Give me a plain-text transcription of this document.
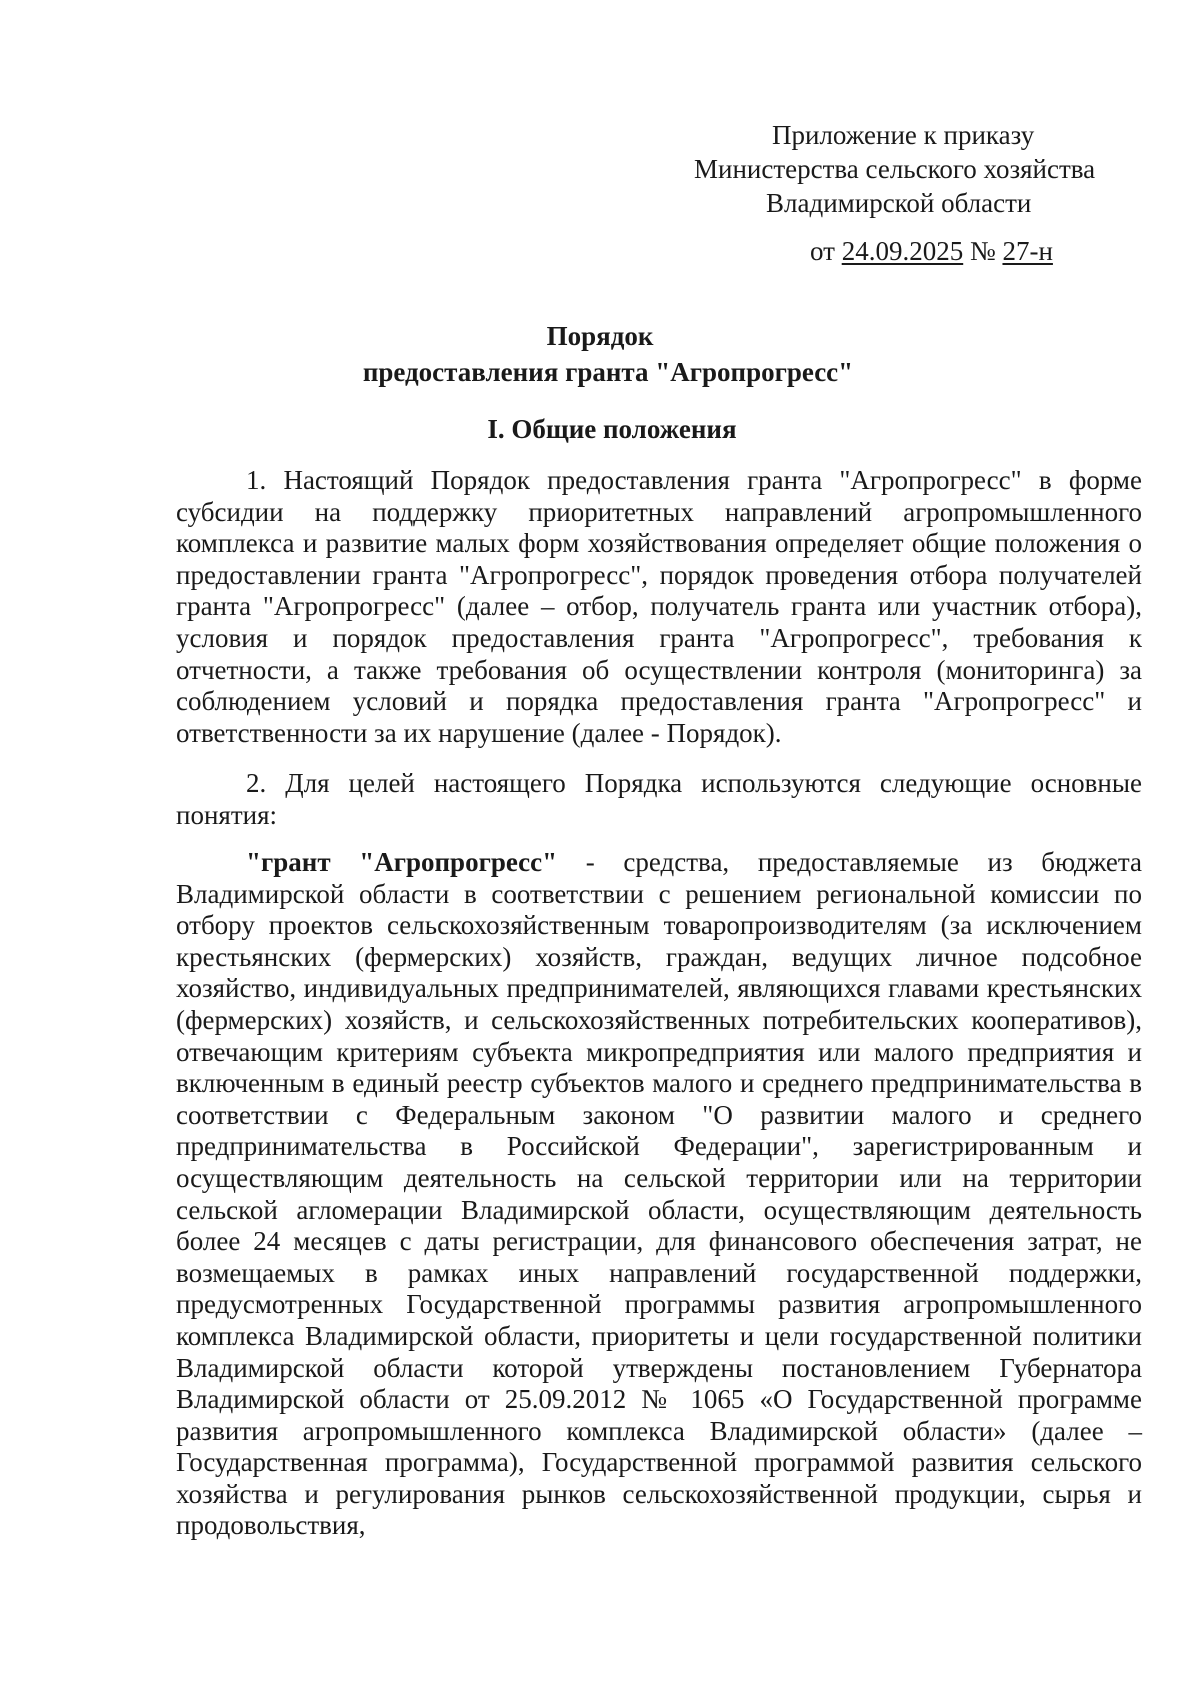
Приложение к приказу
Министерства сельского хозяйства
Владимирской области
от 24.09.2025 № 27-н
Порядок
предоставления гранта "Агропрогресс"
I. Общие положения

1. Настоящий Порядок предоставления гранта "Агропрогресс" в форме субсидии на поддержку приоритетных направлений агропромышленного комплекса и развитие малых форм хозяйствования определяет общие положения о предоставлении гранта "Агропрогресс", порядок проведения отбора получателей гранта "Агропрогресс" (далее – отбор, получатель гранта или участник отбора), условия и порядок предоставления гранта "Агропрогресс", требования к отчетности, а также требования об осуществлении контроля (мониторинга) за соблюдением условий и порядка предоставления гранта "Агропрогресс" и ответственности за их нарушение (далее - Порядок).

2. Для целей настоящего Порядка используются следующие основные понятия:

"грант "Агропрогресс" - средства, предоставляемые из бюджета Владимирской области в соответствии с решением региональной комиссии по отбору проектов сельскохозяйственным товаропроизводителям (за исключением крестьянских (фермерских) хозяйств, граждан, ведущих личное подсобное хозяйство, индивидуальных предпринимателей, являющихся главами крестьянских (фермерских) хозяйств, и сельскохозяйственных потребительских кооперативов), отвечающим критериям субъекта микропредприятия или малого предприятия и включенным в единый реестр субъектов малого и среднего предпринимательства в соответствии с Федеральным законом "О развитии малого и среднего предпринимательства в Российской Федерации", зарегистрированным и осуществляющим деятельность на сельской территории или на территории сельской агломерации Владимирской области, осуществляющим деятельность более 24 месяцев с даты регистрации, для финансового обеспечения затрат, не возмещаемых в рамках иных направлений государственной поддержки, предусмотренных Государственной программы развития агропромышленного комплекса Владимирской области, приоритеты и цели государственной политики Владимирской области которой утверждены постановлением Губернатора Владимирской области от 25.09.2012 № 1065 «О Государственной программе развития агропромышленного комплекса Владимирской области» (далее – Государственная программа), Государственной программой развития сельского хозяйства и регулирования рынков сельскохозяйственной продукции, сырья и продовольствия,
